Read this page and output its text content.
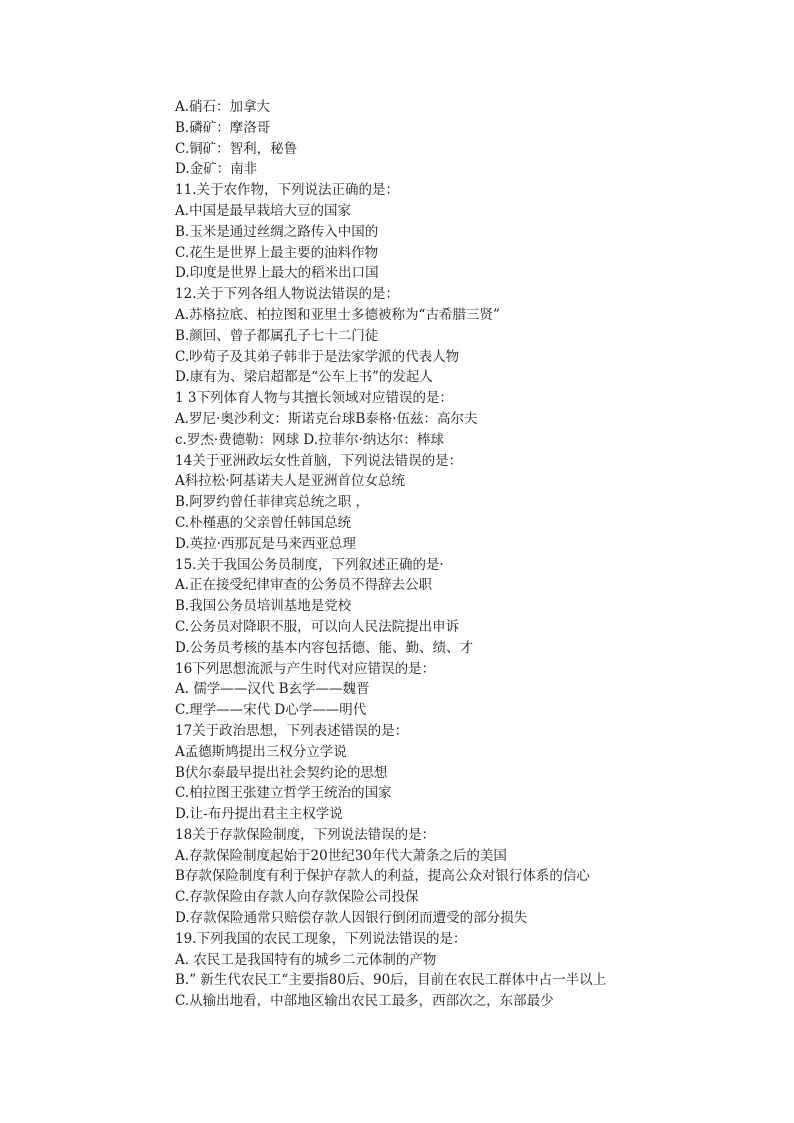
A.硝石：加拿大
B.磷矿：摩洛哥
C.铜矿：智利，秘鲁
D.金矿：南非
11.关于农作物，下列说法正确的是：
A.中国是最早栽培大豆的国家
B.玉米是通过丝绸之路传入中国的
C.花生是世界上最主要的油料作物
D.印度是世界上最大的稻米出口国
12.关于下列各组人物说法错误的是：
A.苏格拉底、柏拉图和亚里士多德被称为“古希腊三贤”
B.颜回、曾子都属孔子七十二门徒
C.吵荀子及其弟子韩非于是法家学派的代表人物
D.康有为、梁启超都是“公车上书”的发起人
1 3下列体育人物与其擅长领域对应错误的是：
A.罗尼·奥沙利文：斯诺克台球B泰格·伍兹：高尔夫
c.罗杰·费德勒：网球 D.拉菲尔·纳达尔：棒球
14关于亚洲政坛女性首脑，下列说法错误的是：
A科拉松·阿基诺夫人是亚洲首位女总统
B.阿罗约曾任菲律宾总统之职 ，
C.朴槿惠的父亲曾任韩国总统
D.英拉·西那瓦是马来西亚总理
15.关于我国公务员制度，下列叙述正确的是·
A.正在接受纪律审查的公务员不得辞去公职
B.我国公务员培训基地是党校
C.公务员对降职不服，可以向人民法院提出申诉
D.公务员考核的基本内容包括德、能、勤、绩、才
16下列思想流派与产生时代对应错误的是：
A. 儒学——汉代 B玄学——魏晋
C.理学——宋代 D心学——明代
17关于政治思想，下列表述错误的是：
A孟德斯鸠提出三权分立学说
B伏尔泰最早提出社会契约论的思想
C.柏拉图王张建立哲学王统治的国家
D.让-布丹提出君主主权学说
18关于存款保险制度，下列说法错误的是：
A.存款保险制度起始于20世纪30年代大萧条之后的美国
B存款保险制度有利于保护存款人的利益，提高公众对银行体系的信心
C.存款保险由存款人向存款保险公司投保
D.存款保险通常只赔偿存款人因银行倒闭而遭受的部分损失
19.下列我国的农民工现象，下列说法错误的是：
A. 农民工是我国特有的城乡二元体制的产物
B.” 新生代农民工“主要指80后、90后，目前在农民工群体中占一半以上
C.从输出地看，中部地区输出农民工最多，西部次之，东部最少
